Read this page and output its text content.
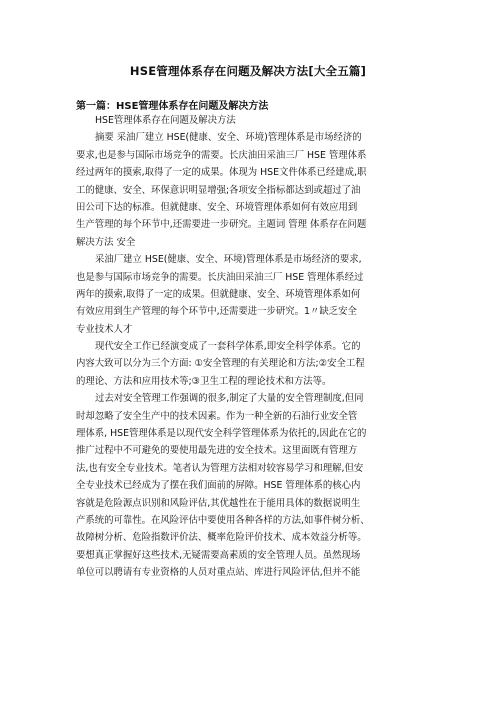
HSE管理体系存在问题及解决方法[大全五篇]
第一篇：HSE管理体系存在问题及解决方法
HSE管理体系存在问题及解决方法
摘要 采油厂建立 HSE(健康、安全、环境)管理体系是市场经济的
要求,也是参与国际市场竞争的需要。长庆油田采油三厂 HSE 管理体系
经过两年的摸索,取得了一定的成果。体现为 HSE文件体系已经建成,职
工的健康、安全、环保意识明显增强;各项安全指标都达到或超过了油
田公司下达的标准。但就健康、安全、环境管理体系如何有效应用到
生产管理的每个环节中,还需要进一步研究。主题词 管理 体系存在问题
解决方法 安全
采油厂建立 HSE(健康、安全、环境)管理体系是市场经济的要求,
也是参与国际市场竞争的需要。长庆油田采油三厂 HSE 管理体系经过
两年的摸索,取得了一定的成果。但就健康、安全、环境管理体系如何
有效应用到生产管理的每个环节中,还需要进一步研究。1〃缺乏安全
专业技术人才
现代安全工作已经演变成了一套科学体系,即安全科学体系。它的
内容大致可以分为三个方面: ①安全管理的有关理论和方法;②安全工程
的理论、方法和应用技术等;③卫生工程的理论技术和方法等。
过去对安全管理工作强调的很多,制定了大量的安全管理制度,但同
时却忽略了安全生产中的技术因素。作为一种全新的石油行业安全管
理体系, HSE管理体系是以现代安全科学管理体系为依托的,因此在它的
推广过程中不可避免的要使用最先进的安全技术。这里面既有管理方
法,也有安全专业技术。笔者认为管理方法相对较容易学习和理解,但安
全专业技术已经成为了摆在我们面前的屏障。HSE 管理体系的核心内
容就是危险源点识别和风险评估,其优越性在于能用具体的数据说明生
产系统的可靠性。在风险评估中要使用各种各样的方法,如事件树分析、
故障树分析、危险指数评价法、概率危险评价技术、成本效益分析等。
要想真正掌握好这些技术,无疑需要高素质的安全管理人员。虽然现场
单位可以聘请有专业资格的人员对重点站、库进行风险评估,但并不能
